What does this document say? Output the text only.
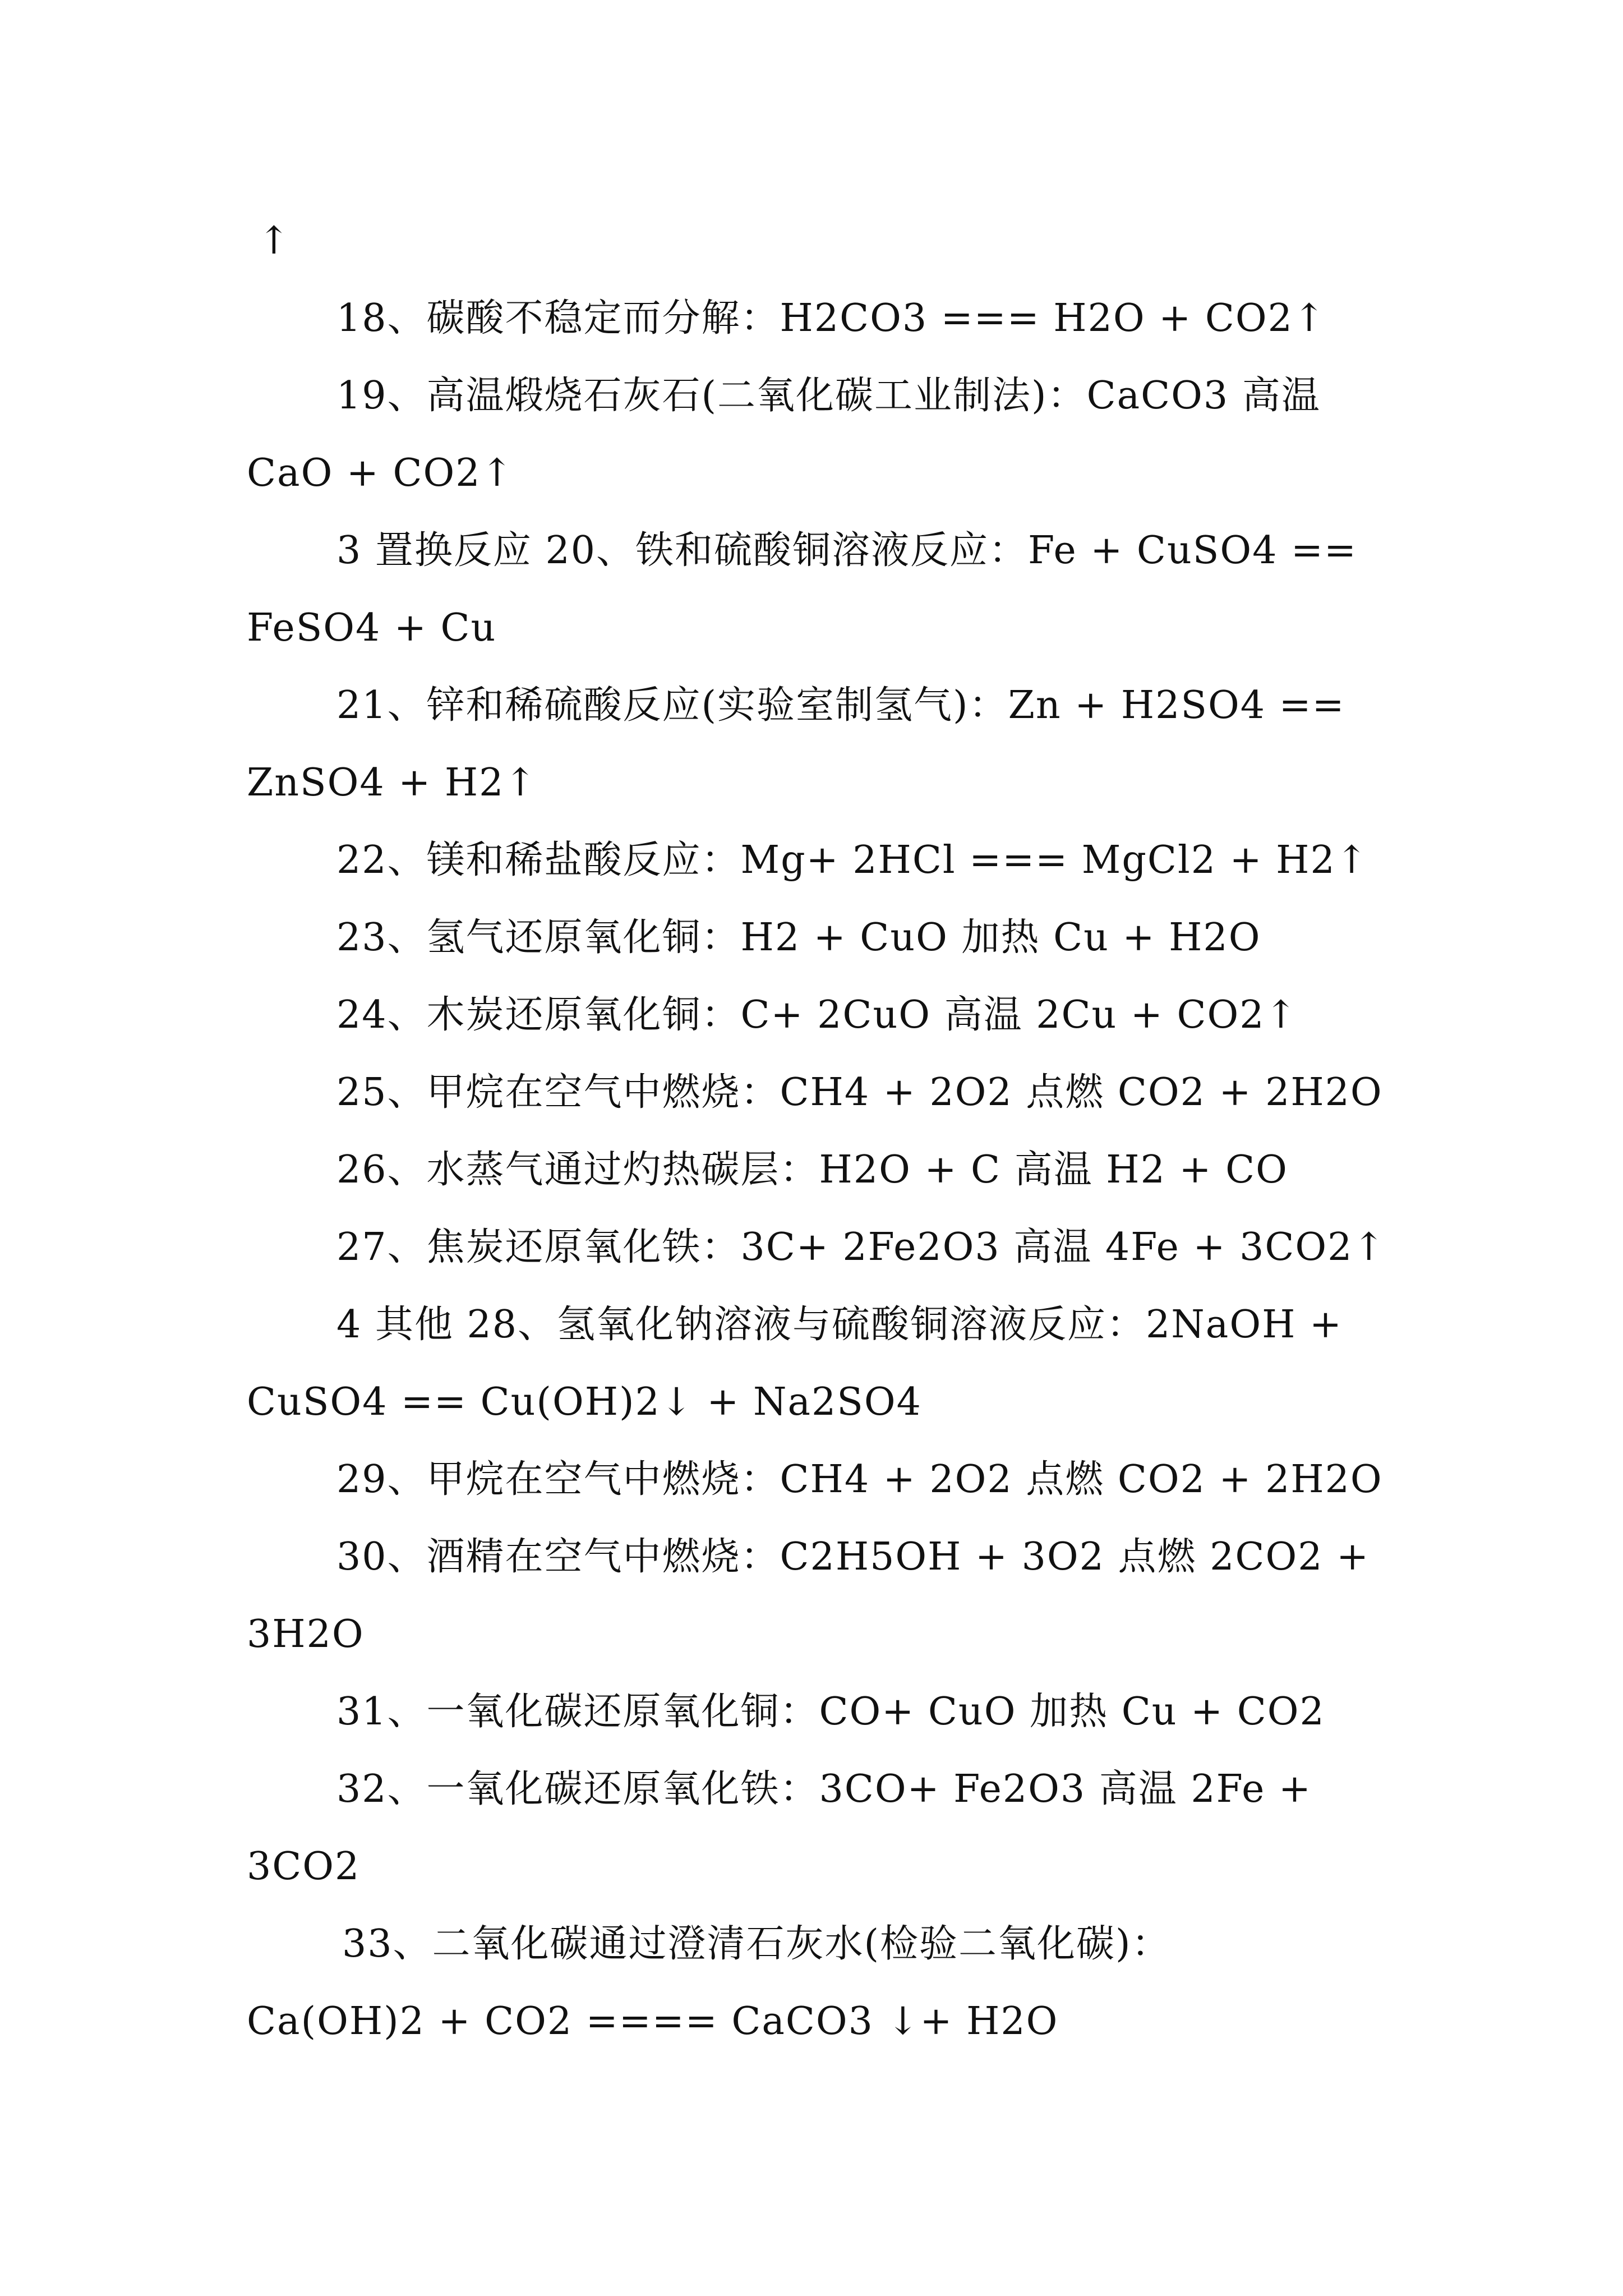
↑
18、碳酸不稳定而分解：H2CO3 === H2O + CO2↑
19、高温煅烧石灰石(二氧化碳工业制法)：CaCO3 高温
CaO + CO2↑
3 置换反应 20、铁和硫酸铜溶液反应：Fe + CuSO4 ==
FeSO4 + Cu
21、锌和稀硫酸反应(实验室制氢气)：Zn + H2SO4 ==
ZnSO4 + H2↑
22、镁和稀盐酸反应：Mg+ 2HCl === MgCl2 + H2↑
23、氢气还原氧化铜：H2 + CuO 加热 Cu + H2O
24、木炭还原氧化铜：C+ 2CuO 高温 2Cu + CO2↑
25、甲烷在空气中燃烧：CH4 + 2O2 点燃 CO2 + 2H2O
26、水蒸气通过灼热碳层：H2O + C 高温 H2 + CO
27、焦炭还原氧化铁：3C+ 2Fe2O3 高温 4Fe + 3CO2↑
4 其他 28、氢氧化钠溶液与硫酸铜溶液反应：2NaOH +
CuSO4 == Cu(OH)2↓ + Na2SO4
29、甲烷在空气中燃烧：CH4 + 2O2 点燃 CO2 + 2H2O
30、酒精在空气中燃烧：C2H5OH + 3O2 点燃 2CO2 +
3H2O
31、一氧化碳还原氧化铜：CO+ CuO 加热 Cu + CO2
32、一氧化碳还原氧化铁：3CO+ Fe2O3 高温 2Fe +
3CO2
33、二氧化碳通过澄清石灰水(检验二氧化碳)：
Ca(OH)2 + CO2 ==== CaCO3 ↓+ H2O
